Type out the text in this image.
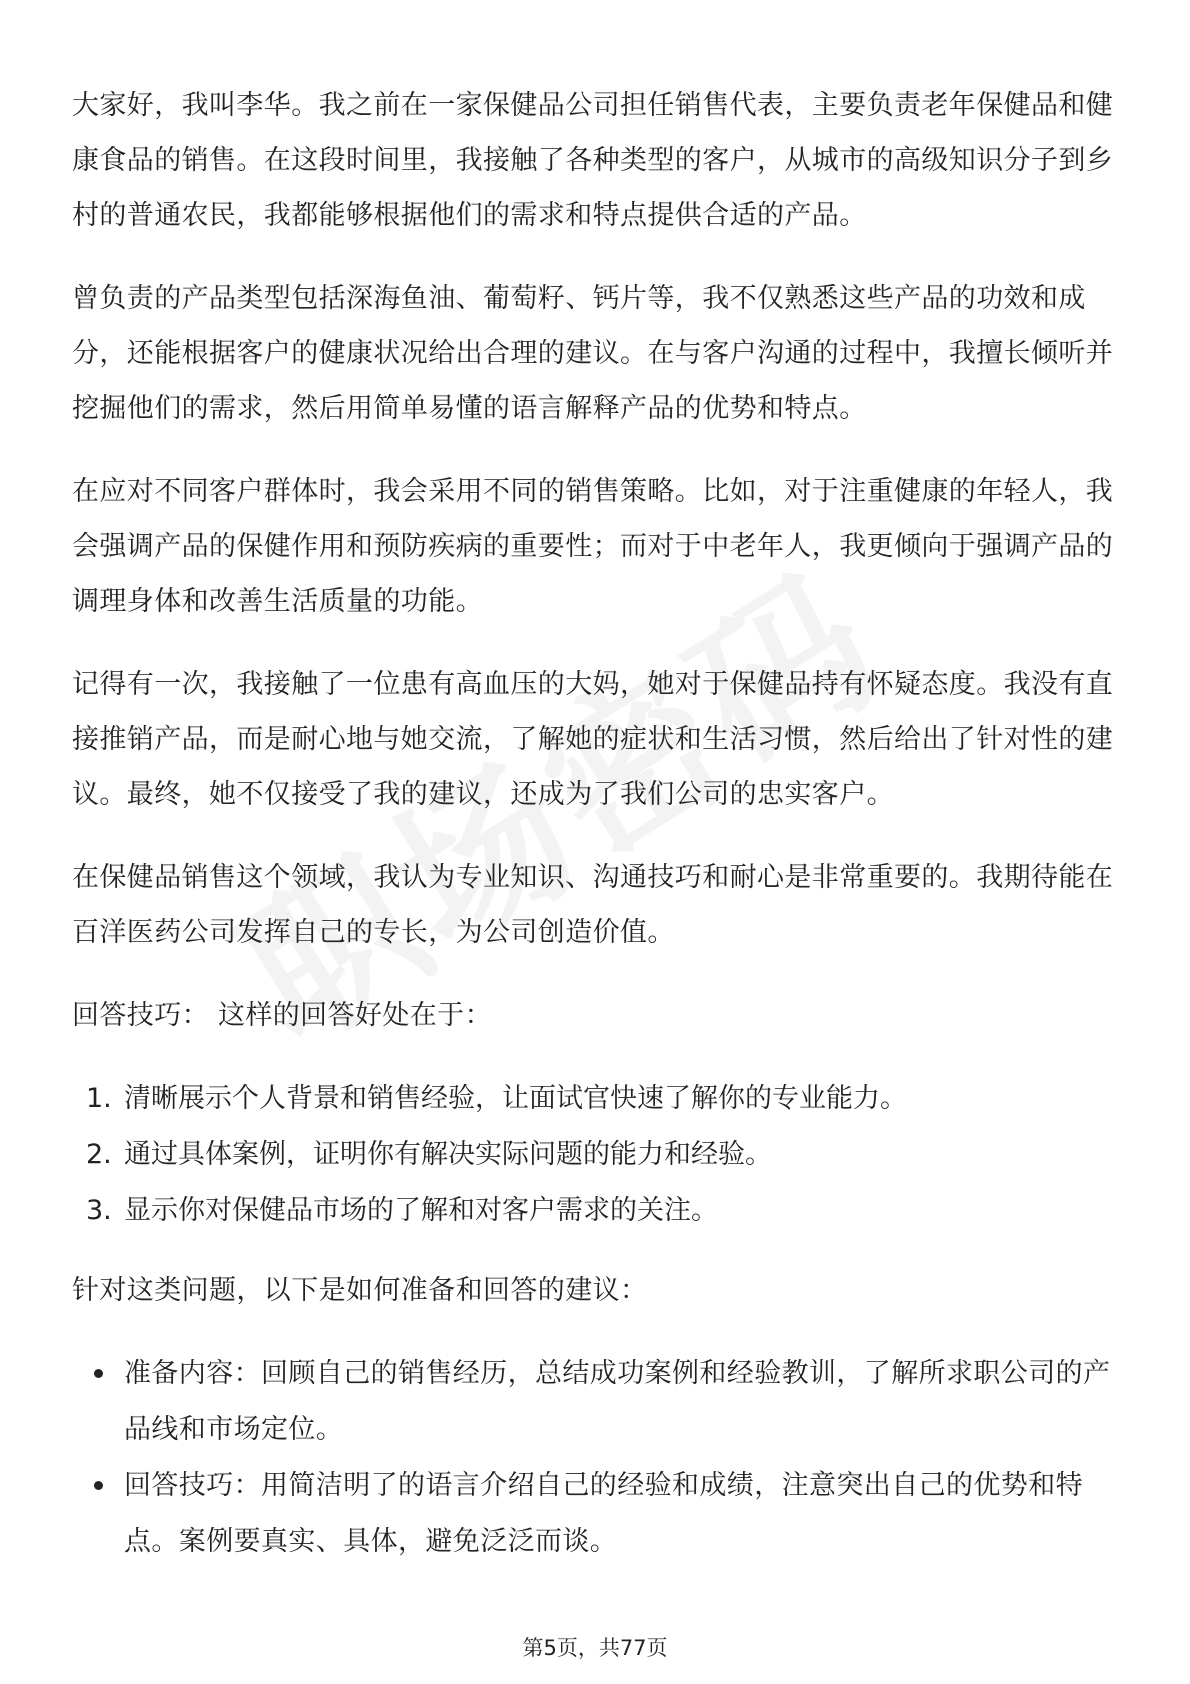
大家好，我叫李华。我之前在一家保健品公司担任销售代表，主要负责老年保健品和健康食品的销售。在这段时间里，我接触了各种类型的客户，从城市的高级知识分子到乡村的普通农民，我都能够根据他们的需求和特点提供合适的产品。

曾负责的产品类型包括深海鱼油、葡萄籽、钙片等，我不仅熟悉这些产品的功效和成分，还能根据客户的健康状况给出合理的建议。在与客户沟通的过程中，我擅长倾听并挖掘他们的需求，然后用简单易懂的语言解释产品的优势和特点。

在应对不同客户群体时，我会采用不同的销售策略。比如，对于注重健康的年轻人，我会强调产品的保健作用和预防疾病的重要性；而对于中老年人，我更倾向于强调产品的调理身体和改善生活质量的功能。

记得有一次，我接触了一位患有高血压的大妈，她对于保健品持有怀疑态度。我没有直接推销产品，而是耐心地与她交流，了解她的症状和生活习惯，然后给出了针对性的建议。最终，她不仅接受了我的建议，还成为了我们公司的忠实客户。

在保健品销售这个领域，我认为专业知识、沟通技巧和耐心是非常重要的。我期待能在百洋医药公司发挥自己的专长，为公司创造价值。

回答技巧： 这样的回答好处在于：

1. 清晰展示个人背景和销售经验，让面试官快速了解你的专业能力。
2. 通过具体案例，证明你有解决实际问题的能力和经验。
3. 显示你对保健品市场的了解和对客户需求的关注。

针对这类问题，以下是如何准备和回答的建议：

准备内容：回顾自己的销售经历，总结成功案例和经验教训，了解所求职公司的产品线和市场定位。
回答技巧：用简洁明了的语言介绍自己的经验和成绩，注意突出自己的优势和特点。案例要真实、具体，避免泛泛而谈。
第5页，共77页
